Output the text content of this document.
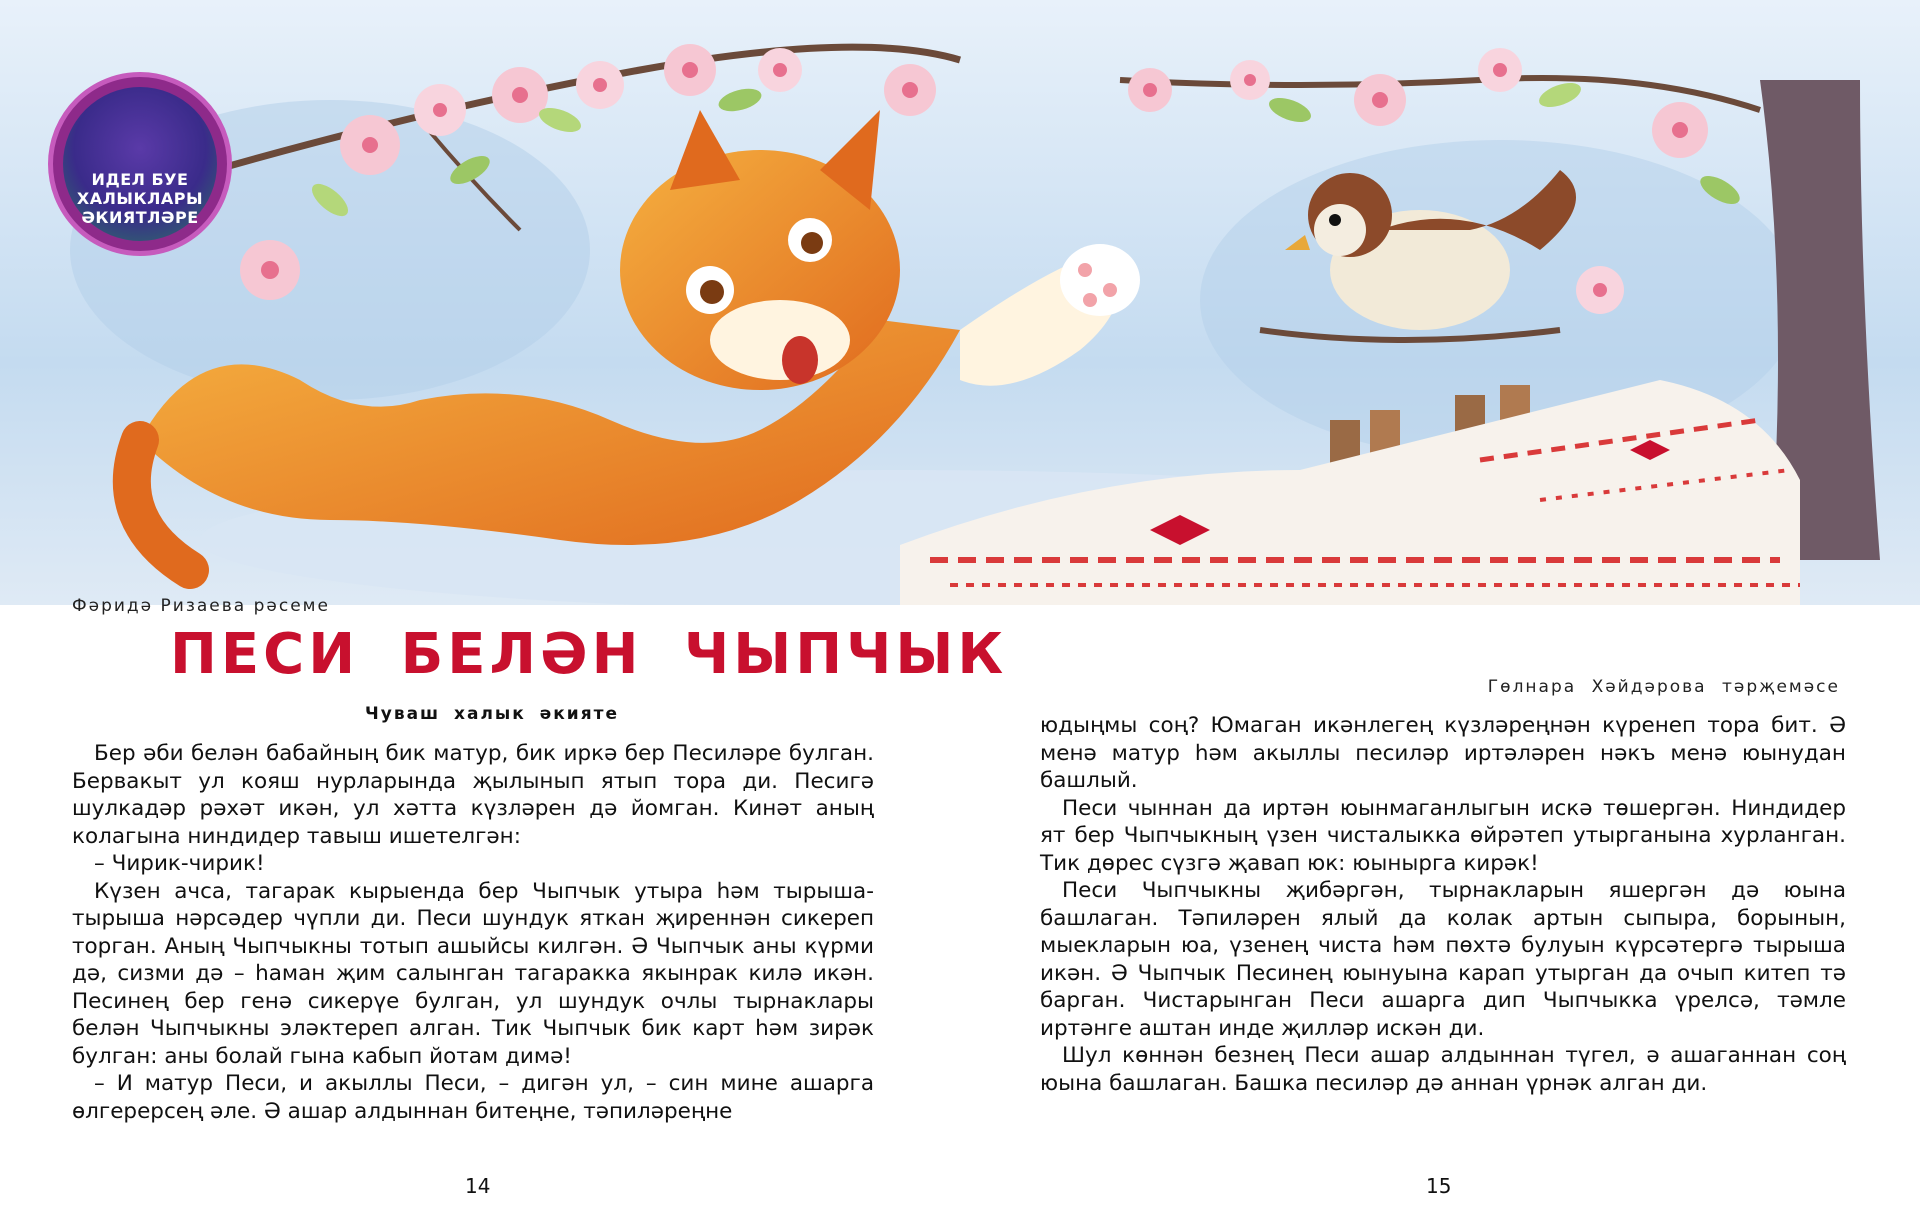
ИДЕЛ БУЕ
ХАЛЫКЛАРЫ
ӘКИЯТЛӘРЕ
Фәридә Ризаева рәсеме
ПЕСИ БЕЛӘН ЧЫПЧЫК
Чуваш халык әкияте
Гөлнара Хәйдәрова тәрҗемәсе

Бер әби белән бабайның бик матур, бик иркә бер Песиләре булган. Бервакыт ул кояш нурларында җылынып ятып тора ди. Песигә шулкадәр рәхәт икән, ул хәтта күзләрен дә йомган. Кинәт аның колагына ниндидер тавыш ишетелгән:

– Чирик-чирик!

Күзен ачса, тагарак кырыенда бер Чыпчык утыра һәм тырыша-тырыша нәрсәдер чүпли ди. Песи шундук яткан җиреннән сикереп торган. Аның Чыпчыкны тотып ашыйсы килгән. Ә Чыпчык аны күрми дә, сизми дә – һаман җим салынган тагаракка якынрак килә икән. Песинең бер генә сикерүе булган, ул шундук очлы тырнаклары белән Чыпчыкны эләктереп алган. Тик Чыпчык бик карт һәм зирәк булган: аны болай гына кабып йотам димә!

– И матур Песи, и акыллы Песи, – дигән ул, – син мине ашарга өлгерерсең әле. Ә ашар алдыннан битеңне, тәпиләреңне

юдыңмы соң? Юмаган икәнлегең күзләреңнән күренеп тора бит. Ә менә матур һәм акыллы песиләр иртәләрен нәкъ менә юынудан башлый.

Песи чыннан да иртән юынмаганлыгын искә төшергән. Ниндидер ят бер Чыпчыкның үзен чисталыкка өйрәтеп утырганына хурланган. Тик дөрес сүзгә җавап юк: юынырга кирәк!

Песи Чыпчыкны җибәргән, тырнакларын яшергән дә юына башлаган. Тәпиләрен ялый да колак артын сыпыра, борынын, мыекларын юа, үзенең чиста һәм пөхтә булуын күрсәтергә тырыша икән. Ә Чыпчык Песинең юынуына карап утырган да очып китеп тә барган. Чистарынган Песи ашарга дип Чыпчыкка үрелсә, тәмле иртәнге аштан инде җилләр искән ди.

Шул көннән безнең Песи ашар алдыннан түгел, ә ашаганнан соң юына башлаган. Башка песиләр дә аннан үрнәк алган ди.

14	15
